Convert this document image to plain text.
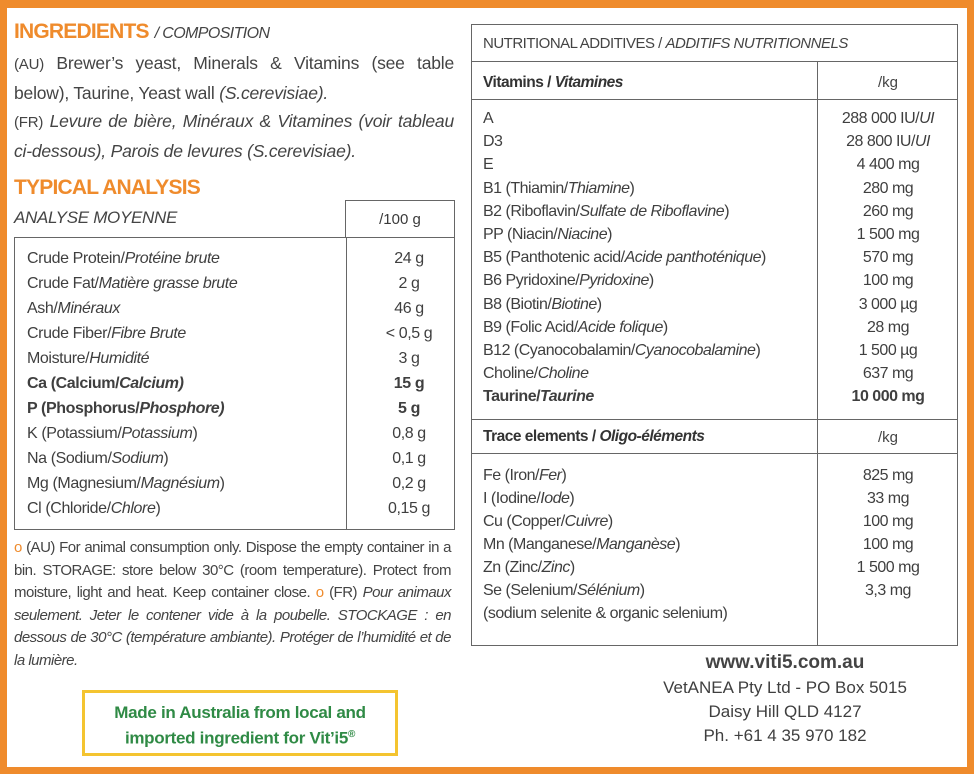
INGREDIENTS / COMPOSITION
(AU) Brewer’s yeast, Minerals & Vitamins (see table below), Taurine, Yeast wall (S.cerevisiae).
(FR) Levure de bière, Minéraux & Vitamines (voir tableau ci-dessous), Parois de levures (S.cerevisiae).
TYPICAL ANALYSIS
ANALYSE MOYENNE	/100 g
Crude Protein/Protéine brute	24 g
Crude Fat/Matière grasse brute	2 g
Ash/Minéraux	46 g
Crude Fiber/Fibre Brute	< 0,5 g
Moisture/Humidité	3 g
Ca (Calcium/Calcium)	15 g
P (Phosphorus/Phosphore)	5 g
K (Potassium/Potassium)	0,8 g
Na (Sodium/Sodium)	0,1 g
Mg (Magnesium/Magnésium)	0,2 g
Cl (Chloride/Chlore)	0,15 g
o (AU) For animal consumption only. Dispose the empty container in a bin. STORAGE: store below 30°C (room temperature). Protect from moisture, light and heat. Keep container close. o (FR) Pour animaux seulement. Jeter le contener vide à la poubelle. STOCKAGE : en dessous de 30°C (température ambiante). Protéger de l’humidité et de la lumière.
Made in Australia from local and
imported ingredient for Vit’i5®
NUTRITIONAL ADDITIVES / ADDITIFS NUTRITIONNELS
Vitamins / Vitamines	/kg
A	288 000 IU/UI
D3	28 800 IU/UI
E	4 400 mg
B1 (Thiamin/Thiamine)	280 mg
B2 (Riboflavin/Sulfate de Riboflavine)	260 mg
PP (Niacin/Niacine)	1 500 mg
B5 (Panthotenic acid/Acide panthoténique)	570 mg
B6 Pyridoxine/Pyridoxine)	100 mg
B8 (Biotin/Biotine)	3 000 µg
B9 (Folic Acid/Acide folique)	28 mg
B12 (Cyanocobalamin/Cyanocobalamine)	1 500 µg
Choline/Choline	637 mg
Taurine/Taurine	10 000 mg
Trace elements / Oligo-éléments	/kg
Fe (Iron/Fer)	825 mg
I (Iodine/Iode)	33 mg
Cu (Copper/Cuivre)	100 mg
Mn (Manganese/Manganèse)	100 mg
Zn (Zinc/Zinc)	1 500 mg
Se (Selenium/Sélénium)	3,3 mg
(sodium selenite & organic selenium)
www.viti5.com.au
VetANEA Pty Ltd - PO Box 5015
Daisy Hill QLD 4127
Ph. +61 4 35 970 182
